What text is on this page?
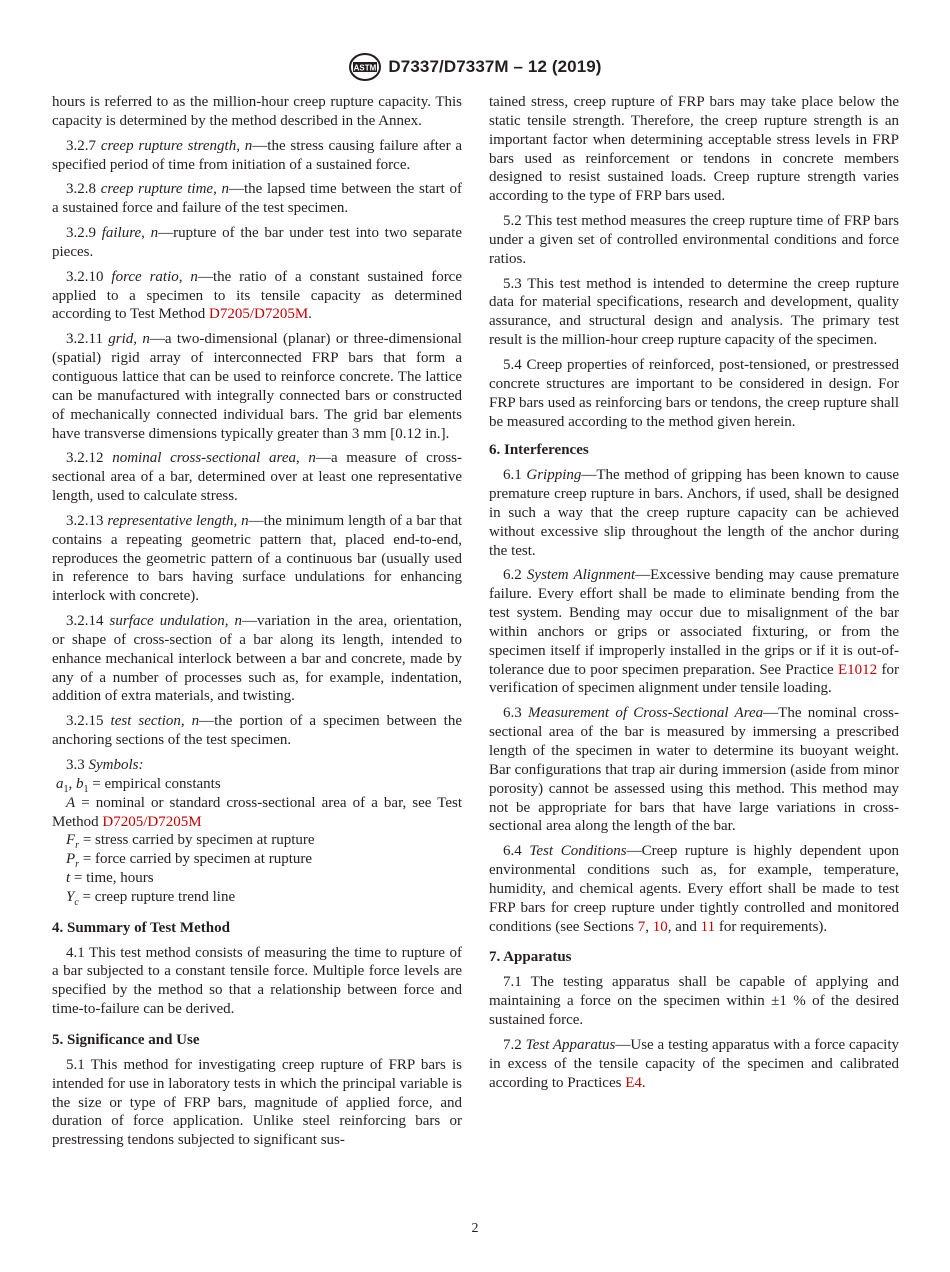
ASTM D7337/D7337M – 12 (2019)

hours is referred to as the million-hour creep rupture capacity. This capacity is determined by the method described in the Annex.

3.2.7 creep rupture strength, n—the stress causing failure after a specified period of time from initiation of a sustained force.

3.2.8 creep rupture time, n—the lapsed time between the start of a sustained force and failure of the test specimen.

3.2.9 failure, n—rupture of the bar under test into two separate pieces.

3.2.10 force ratio, n—the ratio of a constant sustained force applied to a specimen to its tensile capacity as determined according to Test Method D7205/D7205M.

3.2.11 grid, n—a two-dimensional (planar) or three-dimensional (spatial) rigid array of interconnected FRP bars that form a contiguous lattice that can be used to reinforce concrete. The lattice can be manufactured with integrally connected bars or constructed of mechanically connected individual bars. The grid bar elements have transverse dimensions typically greater than 3 mm [0.12 in.].

3.2.12 nominal cross-sectional area, n—a measure of cross-sectional area of a bar, determined over at least one representative length, used to calculate stress.

3.2.13 representative length, n—the minimum length of a bar that contains a repeating geometric pattern that, placed end-to-end, reproduces the geometric pattern of a continuous bar (usually used in reference to bars having surface undulations for enhancing interlock with concrete).

3.2.14 surface undulation, n—variation in the area, orientation, or shape of cross-section of a bar along its length, intended to enhance mechanical interlock between a bar and concrete, made by any of a number of processes such as, for example, indentation, addition of extra materials, and twisting.

3.2.15 test section, n—the portion of a specimen between the anchoring sections of the test specimen.

3.3 Symbols:

$a_1$, $b_1$ = empirical constants

A = nominal or standard cross-sectional area of a bar, see Test Method D7205/D7205M

$F_r$ = stress carried by specimen at rupture

$P_r$ = force carried by specimen at rupture

t = time, hours

$Y_c$ = creep rupture trend line

4. Summary of Test Method

4.1 This test method consists of measuring the time to rupture of a bar subjected to a constant tensile force. Multiple force levels are specified by the method so that a relationship between force and time-to-failure can be derived.

5. Significance and Use

5.1 This method for investigating creep rupture of FRP bars is intended for use in laboratory tests in which the principal variable is the size or type of FRP bars, magnitude of applied force, and duration of force application. Unlike steel reinforcing bars or prestressing tendons subjected to significant sus-

tained stress, creep rupture of FRP bars may take place below the static tensile strength. Therefore, the creep rupture strength is an important factor when determining acceptable stress levels in FRP bars used as reinforcement or tendons in concrete members designed to resist sustained loads. Creep rupture strength varies according to the type of FRP bars used.

5.2 This test method measures the creep rupture time of FRP bars under a given set of controlled environmental conditions and force ratios.

5.3 This test method is intended to determine the creep rupture data for material specifications, research and development, quality assurance, and structural design and analysis. The primary test result is the million-hour creep rupture capacity of the specimen.

5.4 Creep properties of reinforced, post-tensioned, or prestressed concrete structures are important to be considered in design. For FRP bars used as reinforcing bars or tendons, the creep rupture shall be measured according to the method given herein.

6. Interferences

6.1 Gripping—The method of gripping has been known to cause premature creep rupture in bars. Anchors, if used, shall be designed in such a way that the creep rupture capacity can be achieved without excessive slip throughout the length of the anchor during the test.

6.2 System Alignment—Excessive bending may cause premature failure. Every effort shall be made to eliminate bending from the test system. Bending may occur due to misalignment of the bar within anchors or grips or associated fixturing, or from the specimen itself if improperly installed in the grips or if it is out-of-tolerance due to poor specimen preparation. See Practice E1012 for verification of specimen alignment under tensile loading.

6.3 Measurement of Cross-Sectional Area—The nominal cross-sectional area of the bar is measured by immersing a prescribed length of the specimen in water to determine its buoyant weight. Bar configurations that trap air during immersion (aside from minor porosity) cannot be assessed using this method. This method may not be appropriate for bars that have large variations in cross-sectional area along the length of the bar.

6.4 Test Conditions—Creep rupture is highly dependent upon environmental conditions such as, for example, temperature, humidity, and chemical agents. Every effort shall be made to test FRP bars for creep rupture under tightly controlled and monitored conditions (see Sections 7, 10, and 11 for requirements).

7. Apparatus

7.1 The testing apparatus shall be capable of applying and maintaining a force on the specimen within ±1 % of the desired sustained force.

7.2 Test Apparatus—Use a testing apparatus with a force capacity in excess of the tensile capacity of the specimen and calibrated according to Practices E4.

2
